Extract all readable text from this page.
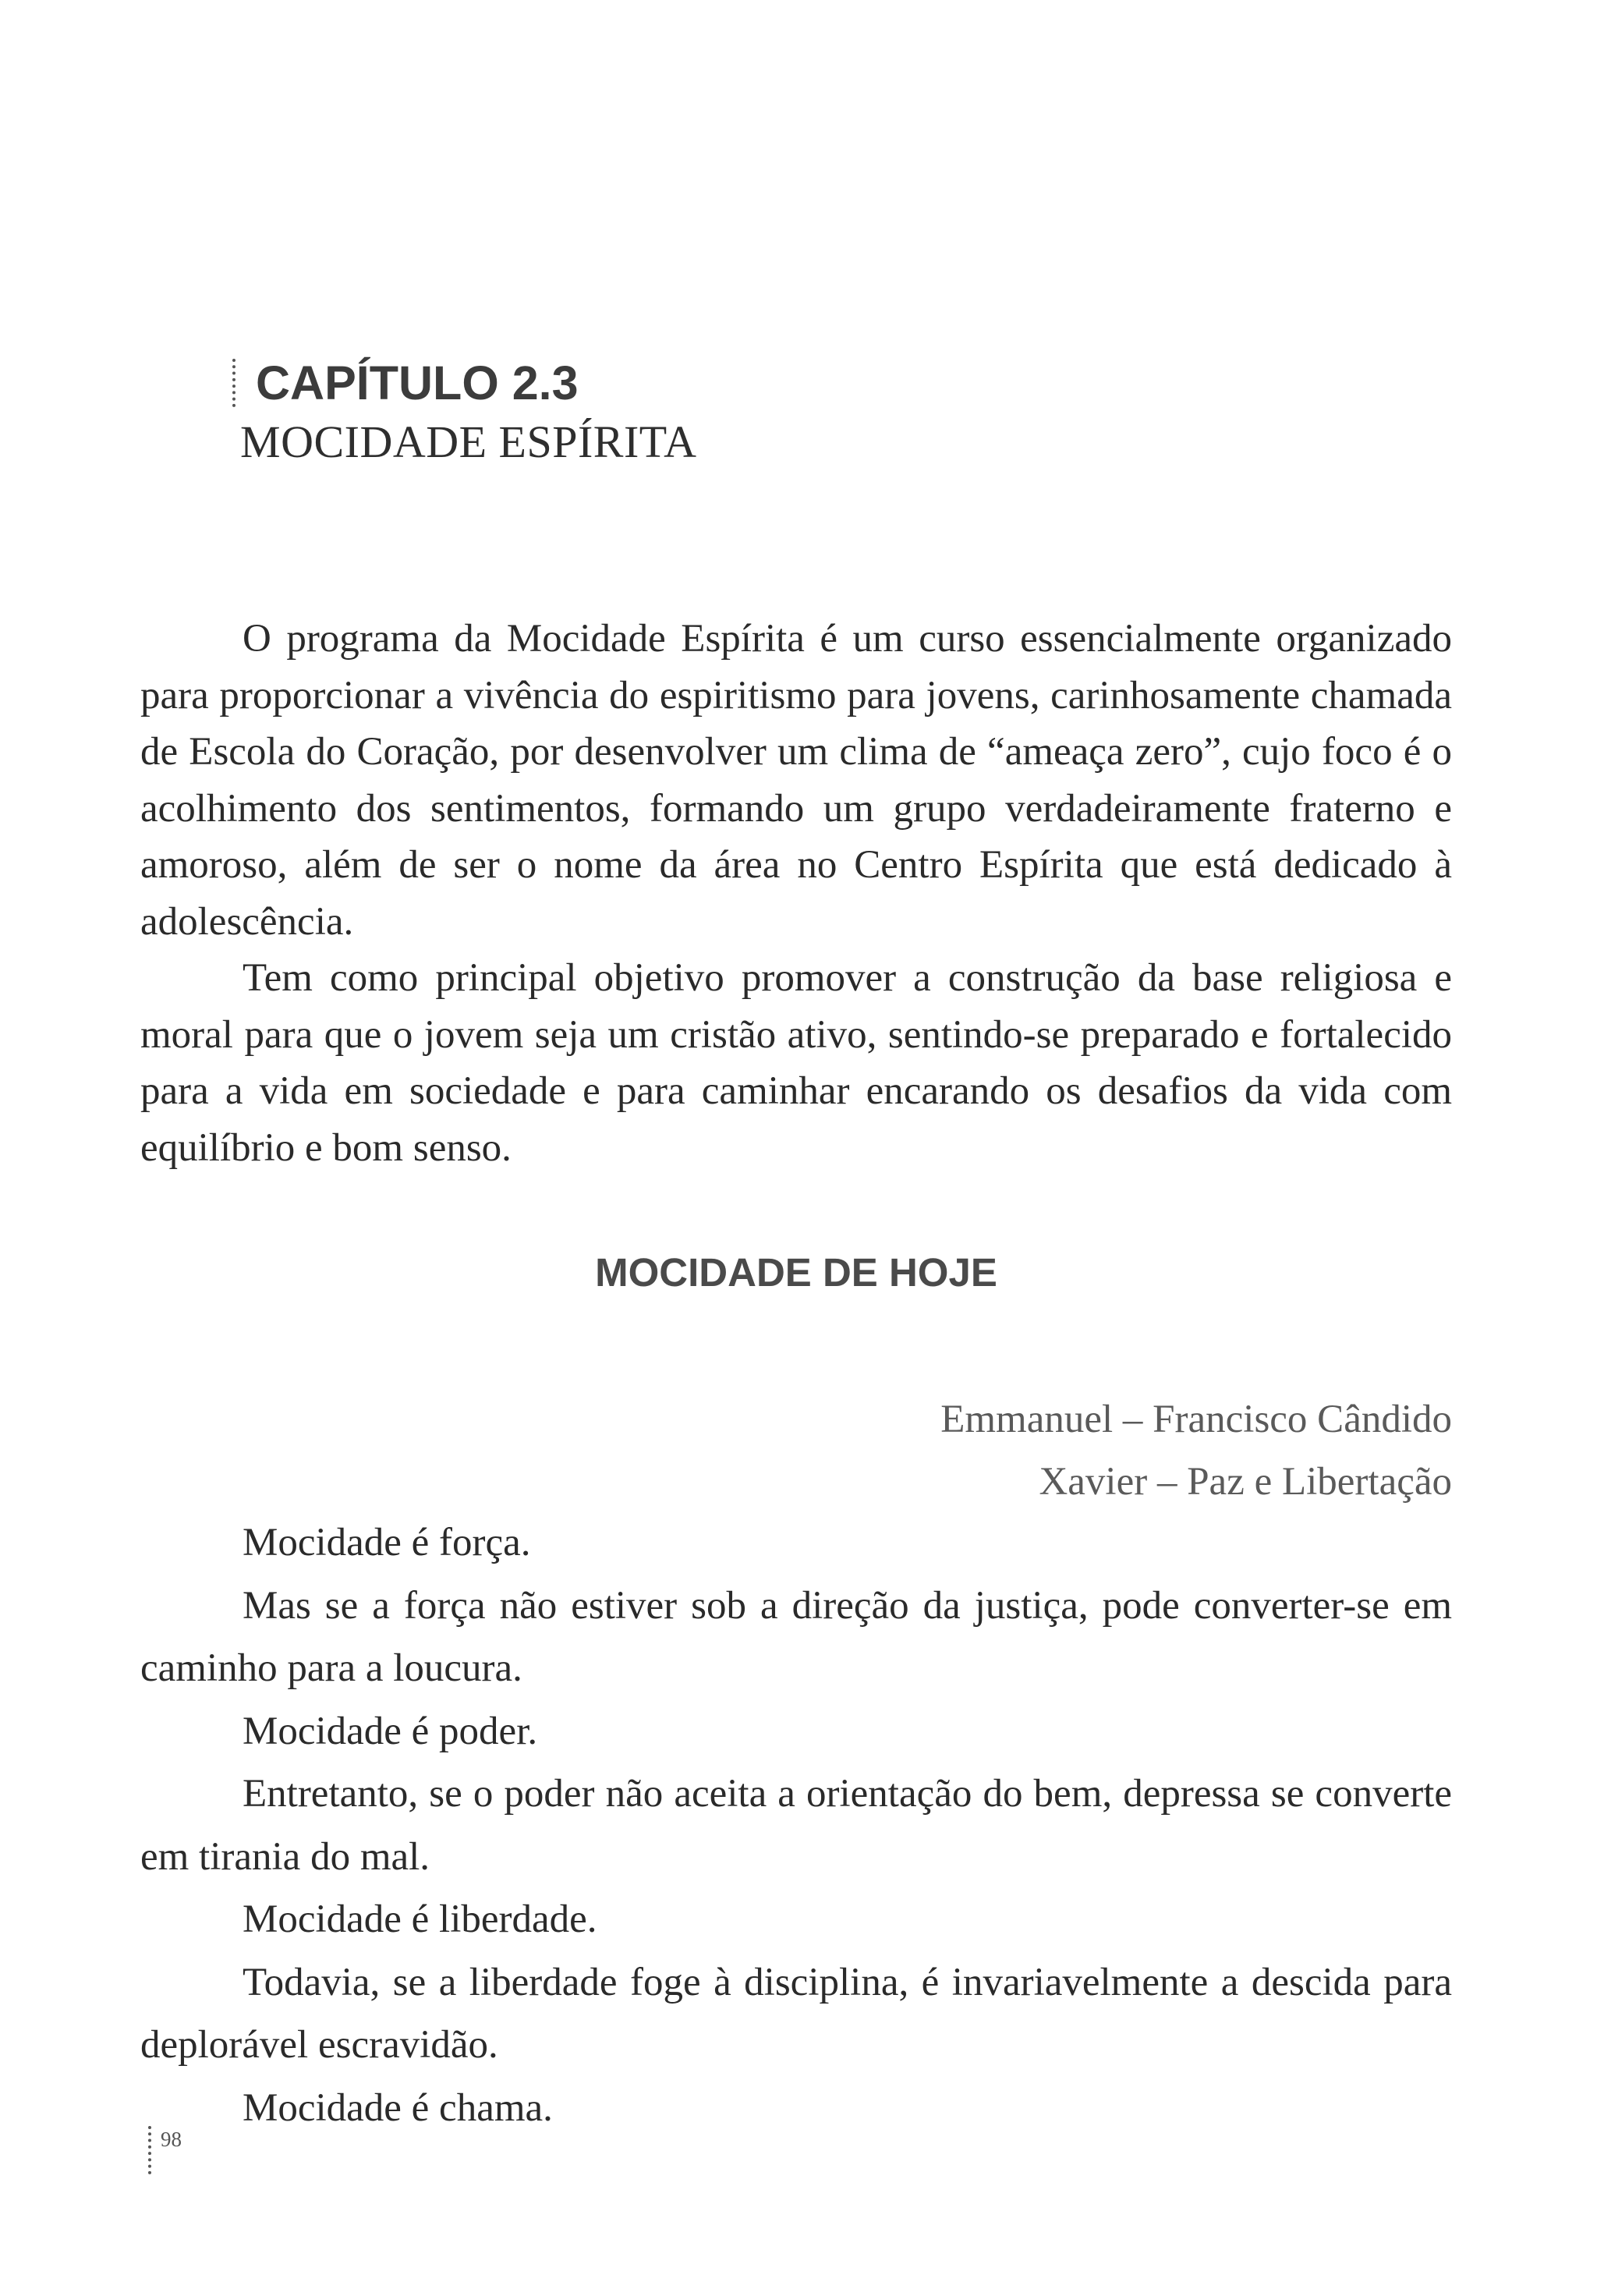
CAPÍTULO 2.3
MOCIDADE ESPÍRITA

O programa da Mocidade Espírita é um curso essencialmente organizado para proporcionar a vivência do espiritismo para jovens, carinhosamente chamada de Escola do Coração, por desenvolver um clima de “ameaça zero”, cujo foco é o acolhimento dos sentimentos, formando um grupo verdadeiramente fraterno e amoroso, além de ser o nome da área no Centro Espírita que está dedicado à adolescência.

Tem como principal objetivo promover a construção da base religiosa e moral para que o jovem seja um cristão ativo, sentindo-se preparado e fortalecido para a vida em sociedade e para caminhar encarando os desafios da vida com equilíbrio e bom senso.

MOCIDADE DE HOJE
Emmanuel – Francisco Cândido
Xavier – Paz e Libertação

Mocidade é força.

Mas se a força não estiver sob a direção da justiça, pode converter-se em caminho para a loucura.

Mocidade é poder.

Entretanto, se o poder não aceita a orientação do bem, depressa se converte em tirania do mal.

Mocidade é liberdade.

Todavia, se a liberdade foge à disciplina, é invariavelmente a descida para deplorável escravidão.

Mocidade é chama.

98
